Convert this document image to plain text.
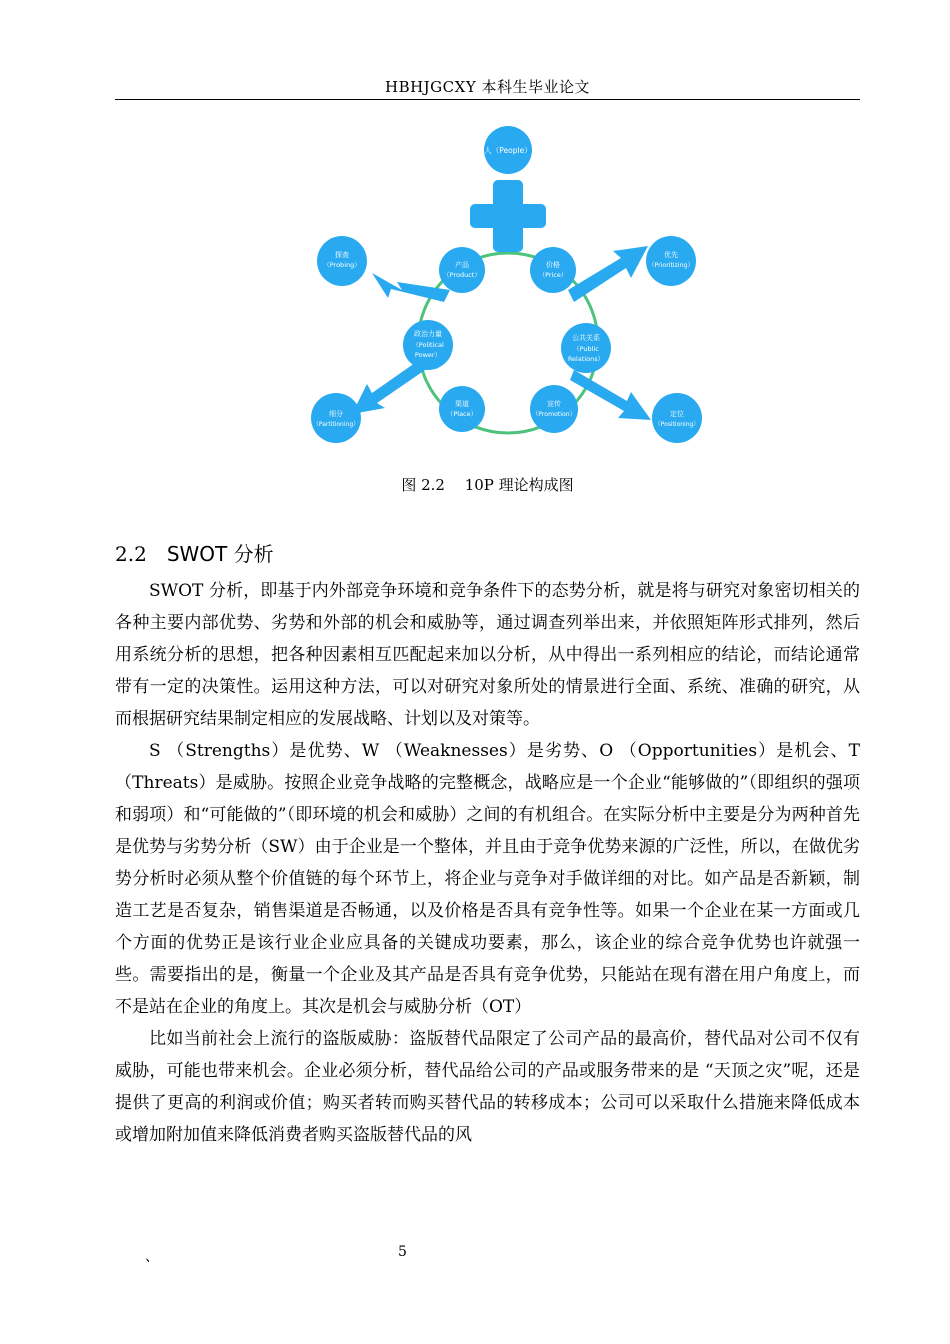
HBHJGCXY 本科生毕业论文
人（People）
探查
（Probing）	产品
（Product）
价格
（Price）
优先
（Prioritizing）
政治力量
（Political
Power）
公共关系
（Public
Relations）
细分
（Partitioning）
渠道
（Place）
宣传
（Promotion）	定位
（Positioning）
图 2.2　 10P 理论构成图
2.2 SWOT 分析

SWOT 分析，即基于内外部竞争环境和竞争条件下的态势分析，就是将与研究对象密切相关的各种主要内部优势、劣势和外部的机会和威胁等，通过调查列举出来，并依照矩阵形式排列，然后用系统分析的思想，把各种因素相互匹配起来加以分析，从中得出一系列相应的结论，而结论通常带有一定的决策性。运用这种方法，可以对研究对象所处的情景进行全面、系统、准确的研究，从而根据研究结果制定相应的发展战略、计划以及对策等。

S （Strengths）是优势、W （Weaknesses）是劣势、O （Opportunities）是机会、T（Threats）是威胁。按照企业竞争战略的完整概念，战略应是一个企业“能够做的”（即组织的强项和弱项）和“可能做的”（即环境的机会和威胁）之间的有机组合。在实际分析中主要是分为两种首先是优势与劣势分析（SW）由于企业是一个整体，并且由于竞争优势来源的广泛性，所以，在做优劣势分析时必须从整个价值链的每个环节上，将企业与竞争对手做详细的对比。如产品是否新颖，制造工艺是否复杂，销售渠道是否畅通，以及价格是否具有竞争性等。如果一个企业在某一方面或几个方面的优势正是该行业企业应具备的关键成功要素，那么，该企业的综合竞争优势也许就强一些。需要指出的是，衡量一个企业及其产品是否具有竞争优势，只能站在现有潜在用户角度上，而不是站在企业的角度上。其次是机会与威胁分析（OT）

比如当前社会上流行的盗版威胁：盗版替代品限定了公司产品的最高价，替代品对公司不仅有威胁，可能也带来机会。企业必须分析，替代品给公司的产品或服务带来的是 “天顶之灾”呢，还是提供了更高的利润或价值；购买者转而购买替代品的转移成本；公司可以采取什么措施来降低成本或增加附加值来降低消费者购买盗版替代品的风

、	5
